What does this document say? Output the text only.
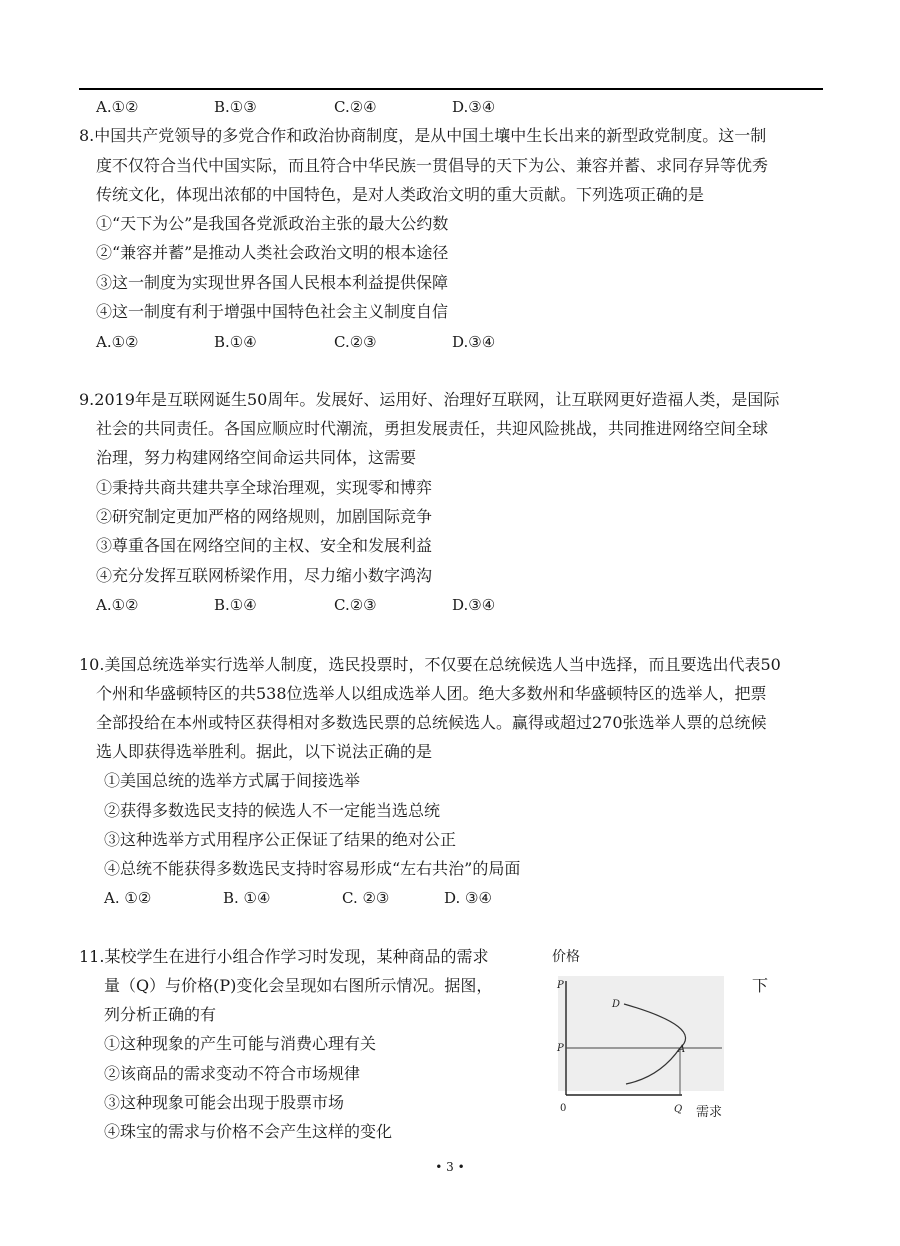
A.①②	B.①③	C.②④	D.③④
8.中国共产党领导的多党合作和政治协商制度，是从中国土壤中生长出来的新型政党制度。这一制
度不仅符合当代中国实际，而且符合中华民族一贯倡导的天下为公、兼容并蓄、求同存异等优秀
传统文化，体现出浓郁的中国特色，是对人类政治文明的重大贡献。下列选项正确的是
①“天下为公”是我国各党派政治主张的最大公约数
②“兼容并蓄”是推动人类社会政治文明的根本途径
③这一制度为实现世界各国人民根本利益提供保障
④这一制度有利于增强中国特色社会主义制度自信
A.①②	B.①④	C.②③	D.③④
9.2019年是互联网诞生50周年。发展好、运用好、治理好互联网，让互联网更好造福人类，是国际
社会的共同责任。各国应顺应时代潮流，勇担发展责任，共迎风险挑战，共同推进网络空间全球
治理，努力构建网络空间命运共同体，这需要
①秉持共商共建共享全球治理观，实现零和博弈
②研究制定更加严格的网络规则，加剧国际竞争
③尊重各国在网络空间的主权、安全和发展利益
④充分发挥互联网桥梁作用，尽力缩小数字鸿沟
A.①②	B.①④	C.②③	D.③④
10.美国总统选举实行选举人制度，选民投票时，不仅要在总统候选人当中选择，而且要选出代表50
个州和华盛顿特区的共538位选举人以组成选举人团。绝大多数州和华盛顿特区的选举人，把票
全部投给在本州或特区获得相对多数选民票的总统候选人。赢得或超过270张选举人票的总统候
选人即获得选举胜利。据此，以下说法正确的是
①美国总统的选举方式属于间接选举
②获得多数选民支持的候选人不一定能当选总统
③这种选举方式用程序公正保证了结果的绝对公正
④总统不能获得多数选民支持时容易形成“左右共治”的局面
A. ①②	B. ①④	C. ②③	D. ③④
11.某校学生在进行小组合作学习时发现，某种商品的需求
量（Q）与价格(P)变化会呈现如右图所示情况。据图，	下
列分析正确的有
①这种现象的产生可能与消费心理有关
②该商品的需求变动不符合市场规律
③这种现象可能会出现于股票市场
④珠宝的需求与价格不会产生这样的变化
价格
P
P
D
A
0	Q 需求
• 3 •
